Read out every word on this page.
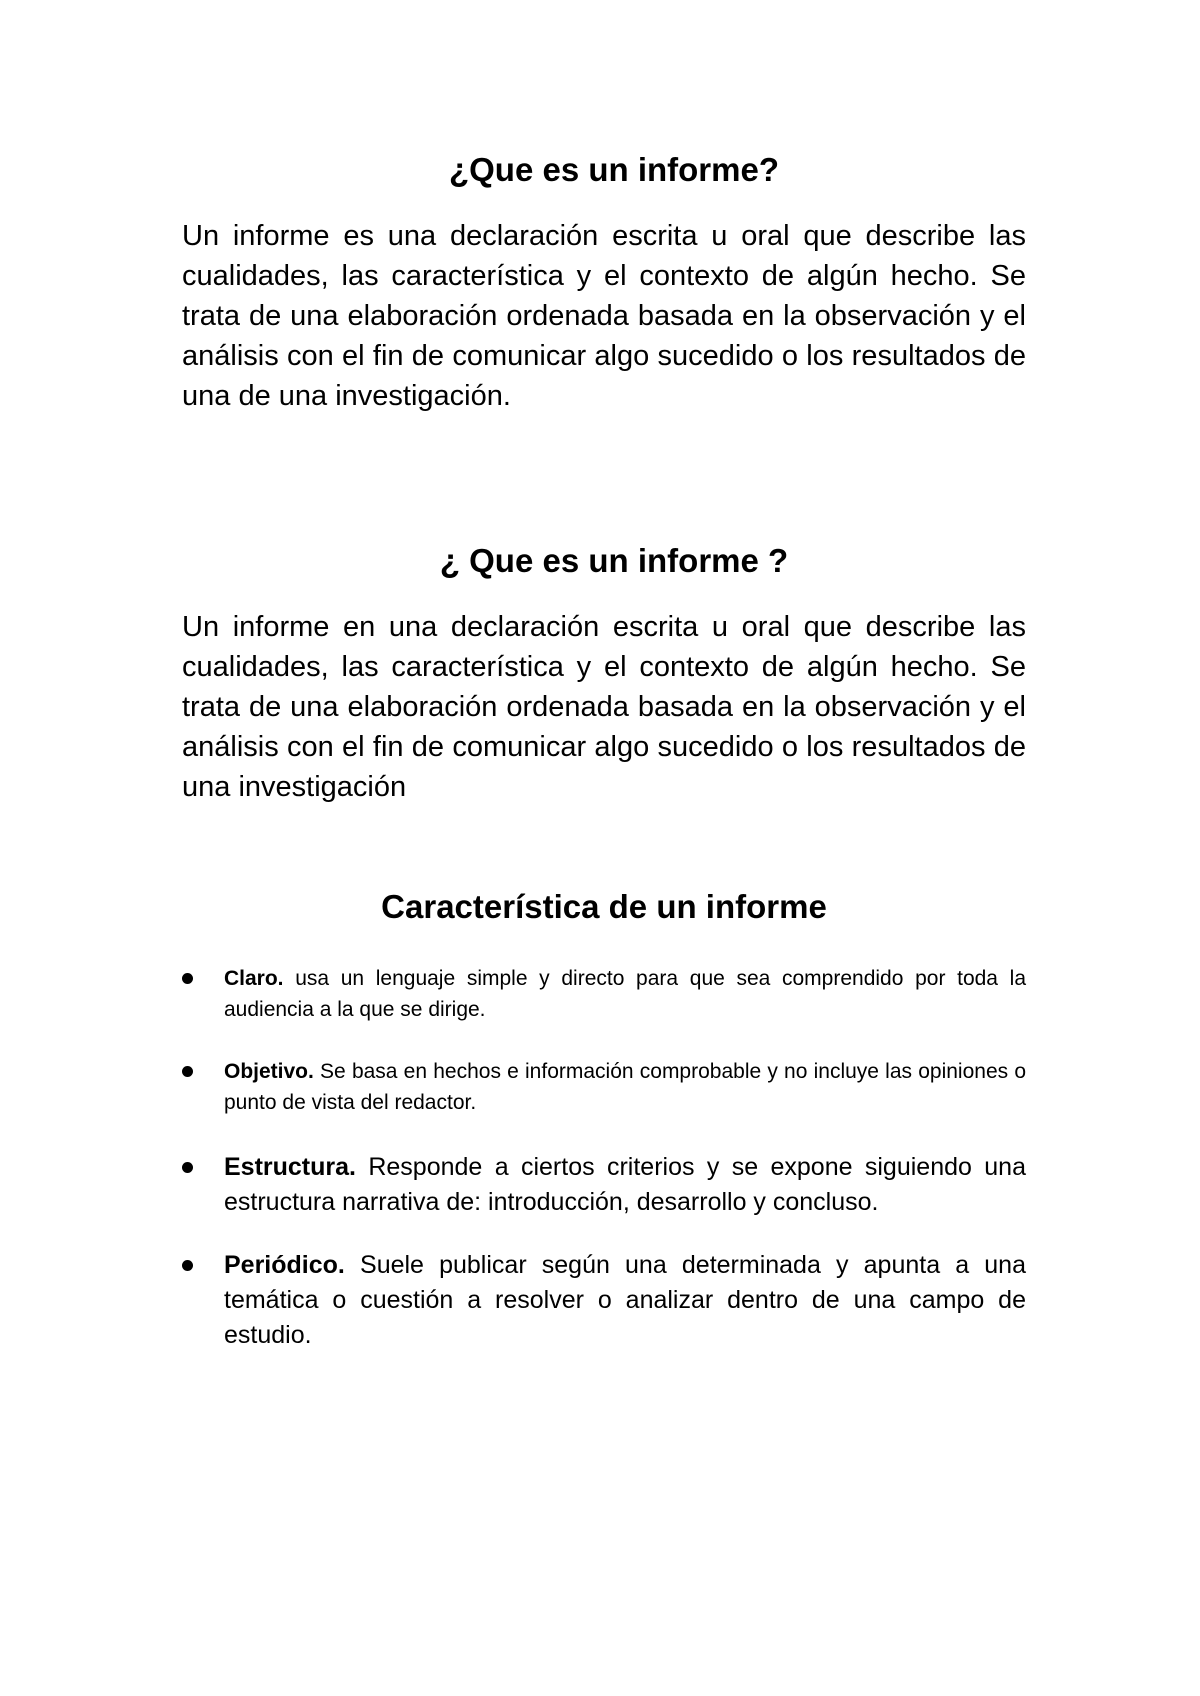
¿Que es un informe?

Un informe es una declaración escrita u oral que describe las cualidades, las característica y el contexto de algún hecho. Se trata de una elaboración ordenada basada en la observación y el análisis con el fin de comunicar algo sucedido o los resultados de una de una investigación.

¿ Que es un informe ?

Un informe en una declaración escrita u oral que describe las cualidades, las característica y el contexto de algún hecho. Se trata de una elaboración ordenada basada en la observación y el análisis con el fin de comunicar algo sucedido o los resultados de una investigación

Característica de un informe
Claro. usa un lenguaje simple y directo para que sea comprendido por toda la audiencia a la que se dirige.
Objetivo. Se basa en hechos e información comprobable y no incluye las opiniones o punto de vista del redactor.
Estructura. Responde a ciertos criterios y se expone siguiendo una estructura narrativa de: introducción, desarrollo y concluso.
Periódico. Suele publicar según una determinada y apunta a una temática o cuestión a resolver o analizar dentro de una campo de estudio.
